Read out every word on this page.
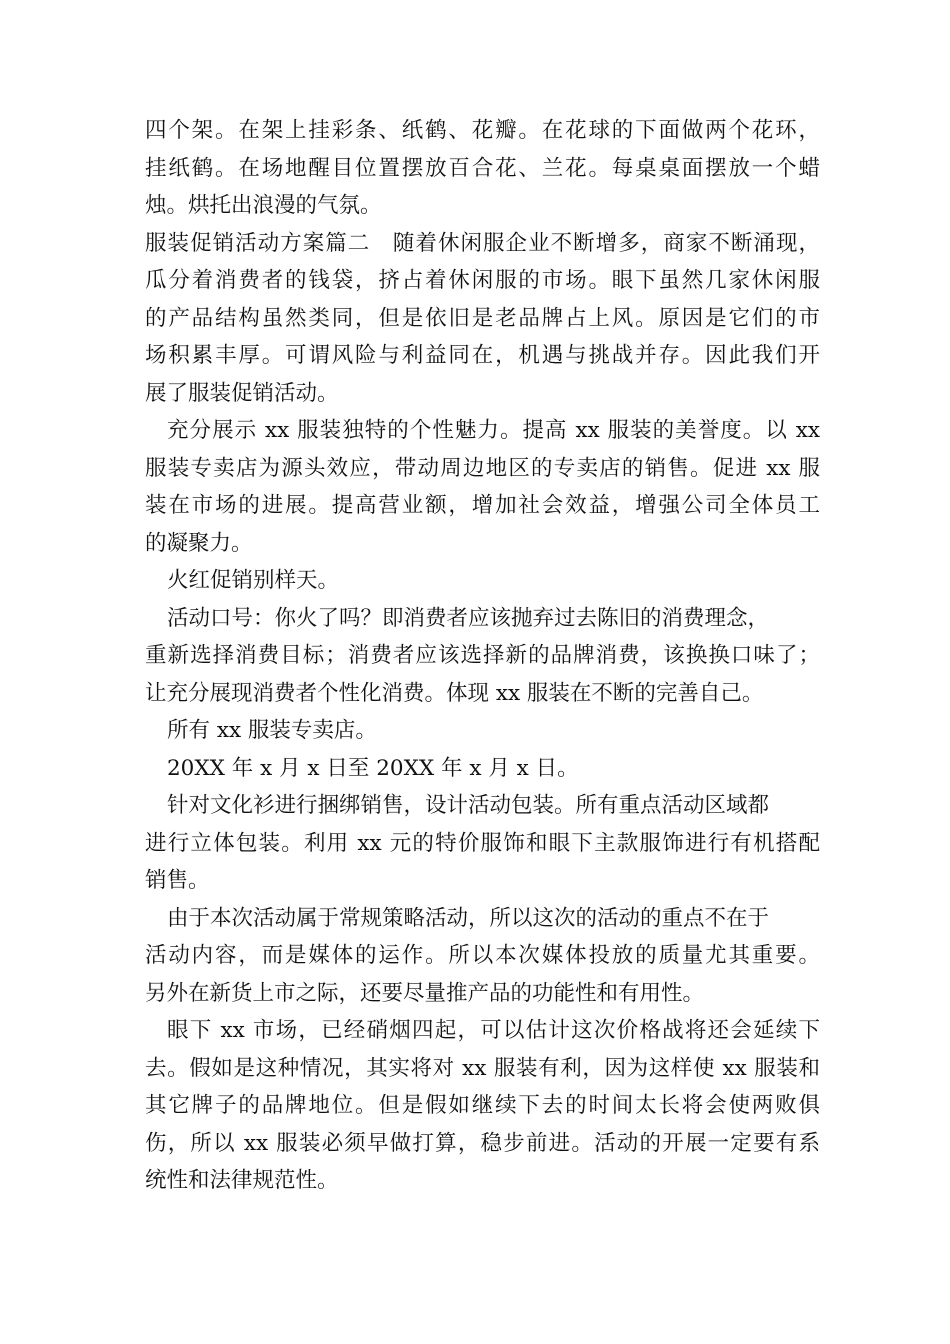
四个架。在架上挂彩条、纸鹤、花瓣。在花球的下面做两个花环，
挂纸鹤。在场地醒目位置摆放百合花、兰花。每桌桌面摆放一个蜡
烛。烘托出浪漫的气氛。
服装促销活动方案篇二　随着休闲服企业不断增多，商家不断涌现，
瓜分着消费者的钱袋，挤占着休闲服的市场。眼下虽然几家休闲服
的产品结构虽然类同，但是依旧是老品牌占上风。原因是它们的市
场积累丰厚。可谓风险与利益同在，机遇与挑战并存。因此我们开
展了服装促销活动。
充分展示 xx 服装独特的个性魅力。提高 xx 服装的美誉度。以 xx
服装专卖店为源头效应，带动周边地区的专卖店的销售。促进 xx 服
装在市场的进展。提高营业额，增加社会效益，增强公司全体员工
的凝聚力。
火红促销别样天。
活动口号：你火了吗？即消费者应该抛弃过去陈旧的消费理念，
重新选择消费目标；消费者应该选择新的品牌消费，该换换口味了；
让充分展现消费者个性化消费。体现 xx 服装在不断的完善自己。
所有 xx 服装专卖店。
20XX 年 x 月 x 日至 20XX 年 x 月 x 日。
针对文化衫进行捆绑销售，设计活动包装。所有重点活动区域都
进行立体包装。利用 xx 元的特价服饰和眼下主款服饰进行有机搭配
销售。
由于本次活动属于常规策略活动，所以这次的活动的重点不在于
活动内容，而是媒体的运作。所以本次媒体投放的质量尤其重要。
另外在新货上市之际，还要尽量推产品的功能性和有用性。
眼下 xx 市场，已经硝烟四起，可以估计这次价格战将还会延续下
去。假如是这种情况，其实将对 xx 服装有利，因为这样使 xx 服装和
其它牌子的品牌地位。但是假如继续下去的时间太长将会使两败俱
伤，所以 xx 服装必须早做打算，稳步前进。活动的开展一定要有系
统性和法律规范性。
